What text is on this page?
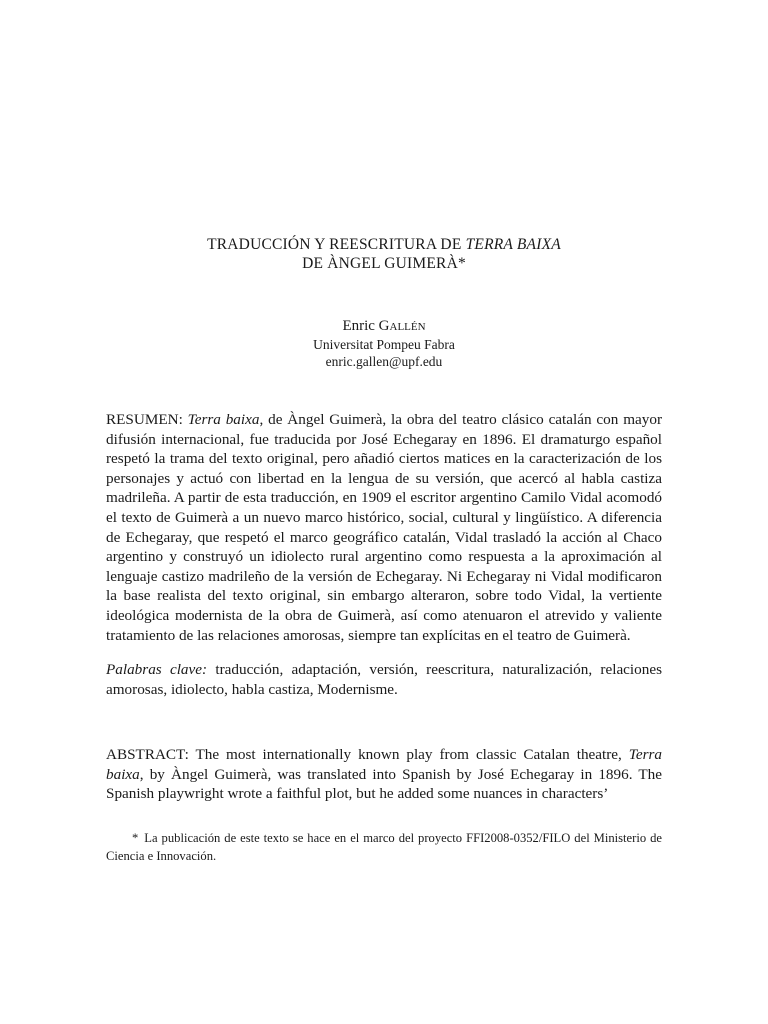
TRADUCCIÓN Y REESCRITURA DE TERRA BAIXA
DE ÀNGEL GUIMERÀ*
Enric Gallén
Universitat Pompeu Fabra
enric.gallen@upf.edu
RESUMEN: Terra baixa, de Àngel Guimerà, la obra del teatro clásico catalán con mayor difusión internacional, fue traducida por José Echegaray en 1896. El dramaturgo español respetó la trama del texto original, pero añadió ciertos matices en la caracterización de los personajes y actuó con libertad en la lengua de su versión, que acercó al habla castiza madrileña. A partir de esta traducción, en 1909 el escritor argentino Camilo Vidal acomodó el texto de Guimerà a un nuevo marco histórico, social, cultural y lingüístico. A diferencia de Echegaray, que respetó el marco geográfico catalán, Vidal trasladó la acción al Chaco argentino y construyó un idiolecto rural argentino como respuesta a la aproximación al lenguaje castizo madrileño de la versión de Echegaray. Ni Echegaray ni Vidal modificaron la base realista del texto original, sin embargo alteraron, sobre todo Vidal, la vertiente ideológica modernista de la obra de Guimerà, así como atenuaron el atrevido y valiente tratamiento de las relaciones amorosas, siempre tan explícitas en el teatro de Guimerà.
Palabras clave: traducción, adaptación, versión, reescritura, naturalización, relaciones amorosas, idiolecto, habla castiza, Modernisme.
ABSTRACT: The most internationally known play from classic Catalan theatre, Terra baixa, by Àngel Guimerà, was translated into Spanish by José Echegaray in 1896. The Spanish playwright wrote a faithful plot, but he added some nuances in characters’
* La publicación de este texto se hace en el marco del proyecto FFI2008-0352/FILO del Ministerio de Ciencia e Innovación.
